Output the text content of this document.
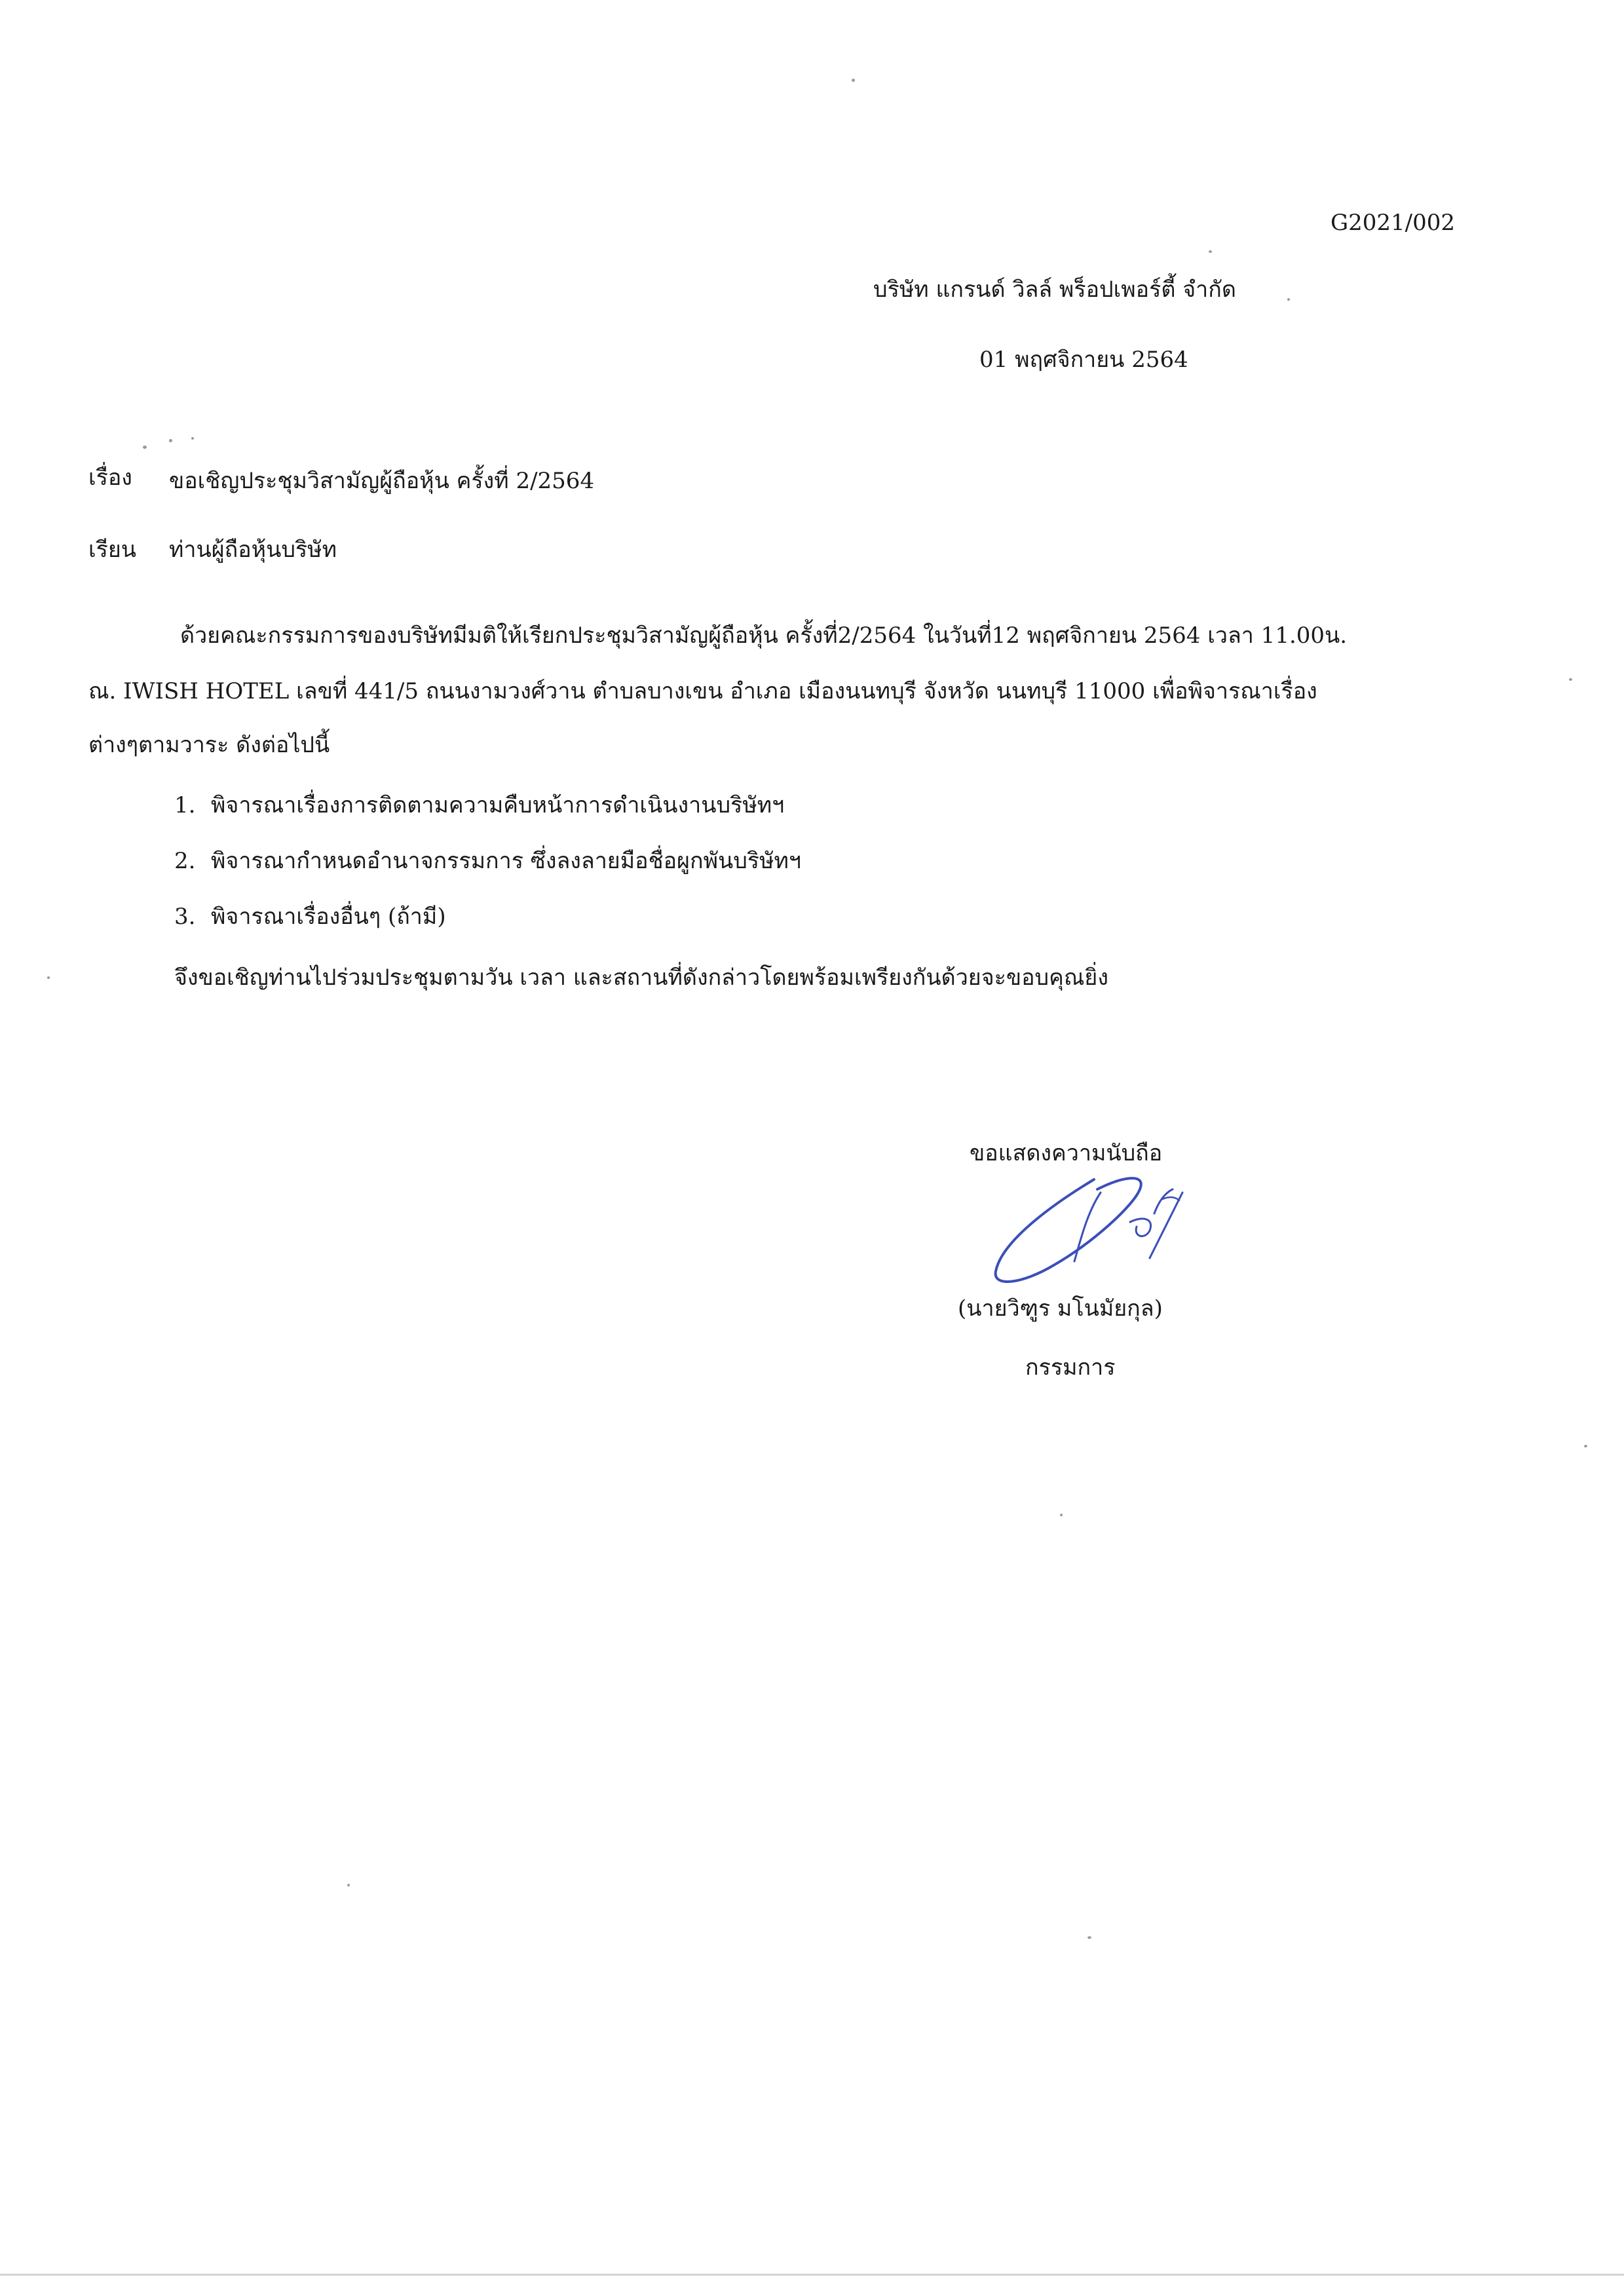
G2021/002
บริษัท แกรนด์ วิลล์ พร็อปเพอร์ตี้ จำกัด
01 พฤศจิกายน 2564
เรื่อง ขอเชิญประชุมวิสามัญผู้ถือหุ้น ครั้งที่ 2/2564
เรียน ท่านผู้ถือหุ้นบริษัท
ด้วยคณะกรรมการของบริษัทมีมติให้เรียกประชุมวิสามัญผู้ถือหุ้น ครั้งที่2/2564 ในวันที่12 พฤศจิกายน 2564 เวลา 11.00น.
ณ. IWISH HOTEL เลขที่ 441/5 ถนนงามวงศ์วาน ตำบลบางเขน อำเภอ เมืองนนทบุรี จังหวัด นนทบุรี 11000 เพื่อพิจารณาเรื่อง
ต่างๆตามวาระ ดังต่อไปนี้
1. พิจารณาเรื่องการติดตามความคืบหน้าการดำเนินงานบริษัทฯ
2. พิจารณากำหนดอำนาจกรรมการ ซึ่งลงลายมือชื่อผูกพันบริษัทฯ
3. พิจารณาเรื่องอื่นๆ (ถ้ามี)
จึงขอเชิญท่านไปร่วมประชุมตามวัน เวลา และสถานที่ดังกล่าวโดยพร้อมเพรียงกันด้วยจะขอบคุณยิ่ง
ขอแสดงความนับถือ
(นายวิฑูร มโนมัยกุล)
กรรมการ
